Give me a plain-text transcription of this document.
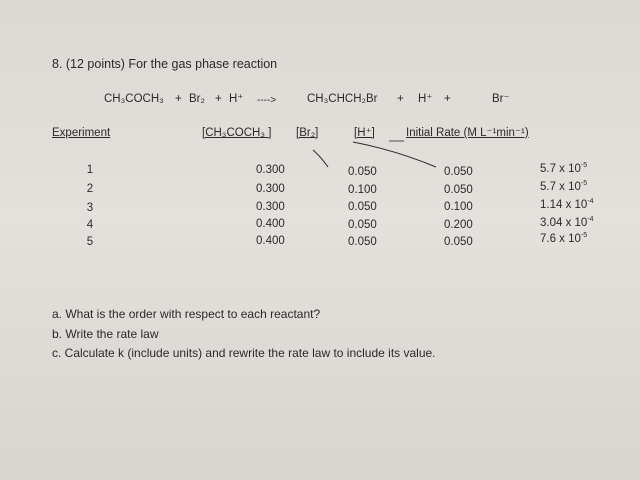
8. (12 points) For the gas phase reaction
CH₃COCH₃ + Br₂ + H⁺ ---->	CH₃CHCH₂Br + H⁺ +	Br⁻
Experiment	[CH₃COCH₃ ] [Br₂]	[H⁺]	Initial Rate (M L⁻¹min⁻¹)
1	0.300	0.050	0.050	5.7 x $10^{-5}$
2	0.300	0.100	0.050	5.7 x $10^{-5}$
3	0.300	0.050	0.100	1.14 x $10^{-4}$
4	0.400	0.050	0.200	3.04 x $10^{-4}$
5	0.400	0.050	0.050	7.6 x $10^{-5}$
a. What is the order with respect to each reactant?
b. Write the rate law
c. Calculate k (include units) and rewrite the rate law to include its value.
